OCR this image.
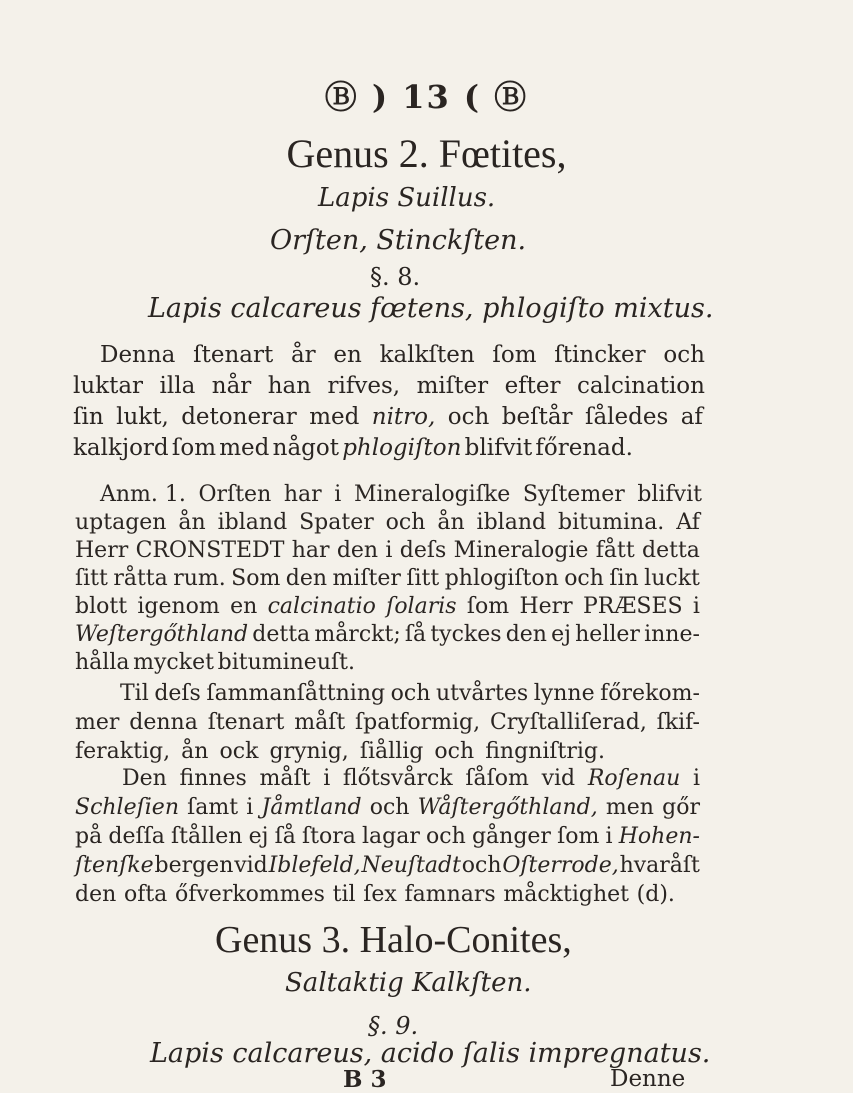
Ⓑ ) 13 ( Ⓑ
Genus 2. Fœtites,
Lapis Suillus.
Orſten, Stinckſten.
§. 8.
Lapis calcareus fœtens, phlogiſto mixtus.
Denna ſtenart år en kalkſten ſom ſtincker och
luktar illa når han rifves, miſter efter calcination
ſin lukt, detonerar med nitro, och beſtår ſåledes af
kalkjord ſom med något phlogiſton blifvit főrenad.
Anm. 1. Orſten har i Mineralogiſke Syſtemer blifvit
uptagen ån ibland Spater och ån ibland bitumina. Af
Herr CRONSTEDT har den i deſs Mineralogie fått detta
ſitt råtta rum. Som den miſter ſitt phlogiſton och ſin luckt
blott igenom en calcinatio ſolaris ſom Herr PRÆSES i
Weſtergőthland detta mårckt; ſå tyckes den ej heller inne-
hålla mycket bitumineuſt.
Til deſs ſammanſåttning och utvårtes lynne főrekom-
mer denna ſtenart måſt ſpatformig, Cryſtalliſerad, ſkif-
feraktig, ån ock grynig, ſiållig och fingniſtrig.
Den finnes måſt i flőtsvårck ſåſom vid Roſenau i
Schleſien ſamt i Jåmtland och Wåſtergőthland, men gőr
på deſſa ſtållen ej ſå ſtora lagar och gånger ſom i Hohen-
ſtenſke bergen vid Iblefeld, Neuſtadt och Oſterrode, hvaråſt
den ofta őfverkommes til ſex famnars måcktighet (d).
Genus 3. Halo-Conites,
Saltaktig Kalkſten.
§. 9.
Lapis calcareus, acido ſalis impregnatus.
B 3	Denne
